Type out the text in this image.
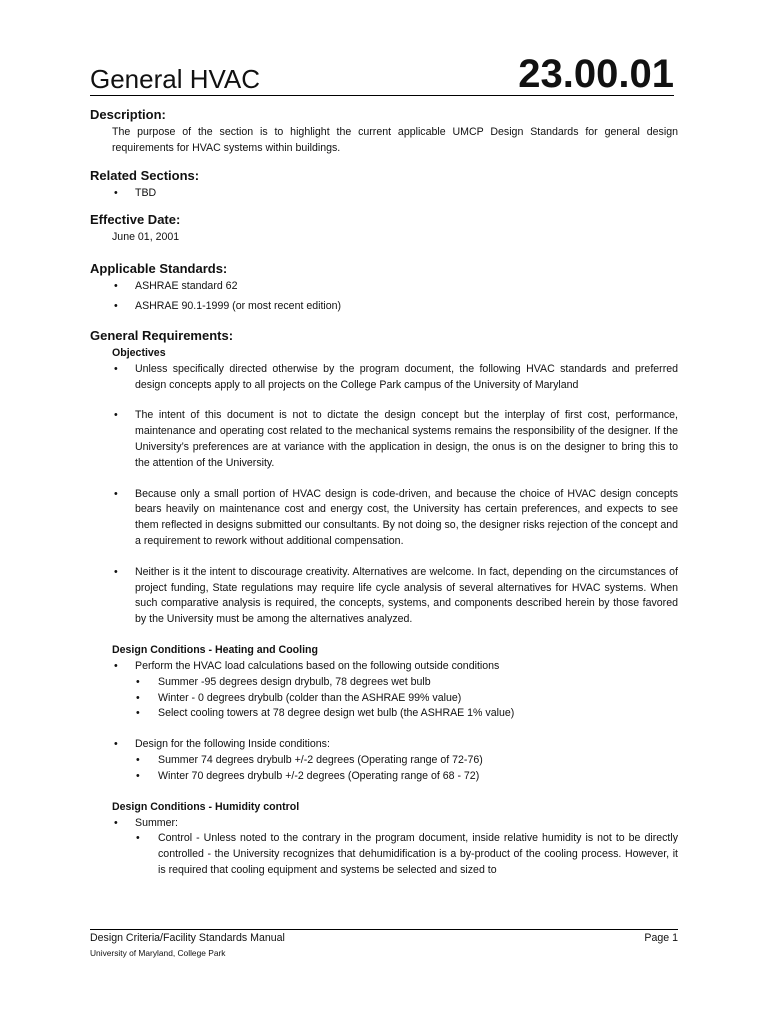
General HVAC	23.00.01
Description:

The purpose of the section is to highlight the current applicable UMCP Design Standards for general design requirements for HVAC systems within buildings.

Related Sections:
• TBD
Effective Date:
June 01, 2001
Applicable Standards:
• ASHRAE standard 62
• ASHRAE 90.1-1999 (or most recent edition)
General Requirements:
Objectives
• Unless specifically directed otherwise by the program document, the following HVAC standards and preferred design concepts apply to all projects on the College Park campus of the University of Maryland
• The intent of this document is not to dictate the design concept but the interplay of first cost, performance, maintenance and operating cost related to the mechanical systems remains the responsibility of the designer. If the University’s preferences are at variance with the application in design, the onus is on the designer to bring this to the attention of the University.
• Because only a small portion of HVAC design is code-driven, and because the choice of HVAC design concepts bears heavily on maintenance cost and energy cost, the University has certain preferences, and expects to see them reflected in designs submitted our consultants. By not doing so, the designer risks rejection of the concept and a requirement to rework without additional compensation.
• Neither is it the intent to discourage creativity. Alternatives are welcome. In fact, depending on the circumstances of project funding, State regulations may require life cycle analysis of several alternatives for HVAC systems. When such comparative analysis is required, the concepts, systems, and components described herein by those favored by the University must be among the alternatives analyzed.
Design Conditions - Heating and Cooling
• Perform the HVAC load calculations based on the following outside conditions
• Summer -95 degrees design drybulb, 78 degrees wet bulb
• Winter - 0 degrees drybulb (colder than the ASHRAE 99% value)
• Select cooling towers at 78 degree design wet bulb (the ASHRAE 1% value)
• Design for the following Inside conditions:
• Summer 74 degrees drybulb +/-2 degrees (Operating range of 72-76)
• Winter 70 degrees drybulb +/-2 degrees (Operating range of 68 - 72)
Design Conditions - Humidity control
• Summer:
• Control - Unless noted to the contrary in the program document, inside relative humidity is not to be directly controlled - the University recognizes that dehumidification is a by-product of the cooling process. However, it is required that cooling equipment and systems be selected and sized to
Design Criteria/Facility Standards Manual
University of Maryland, College Park
Page 1
